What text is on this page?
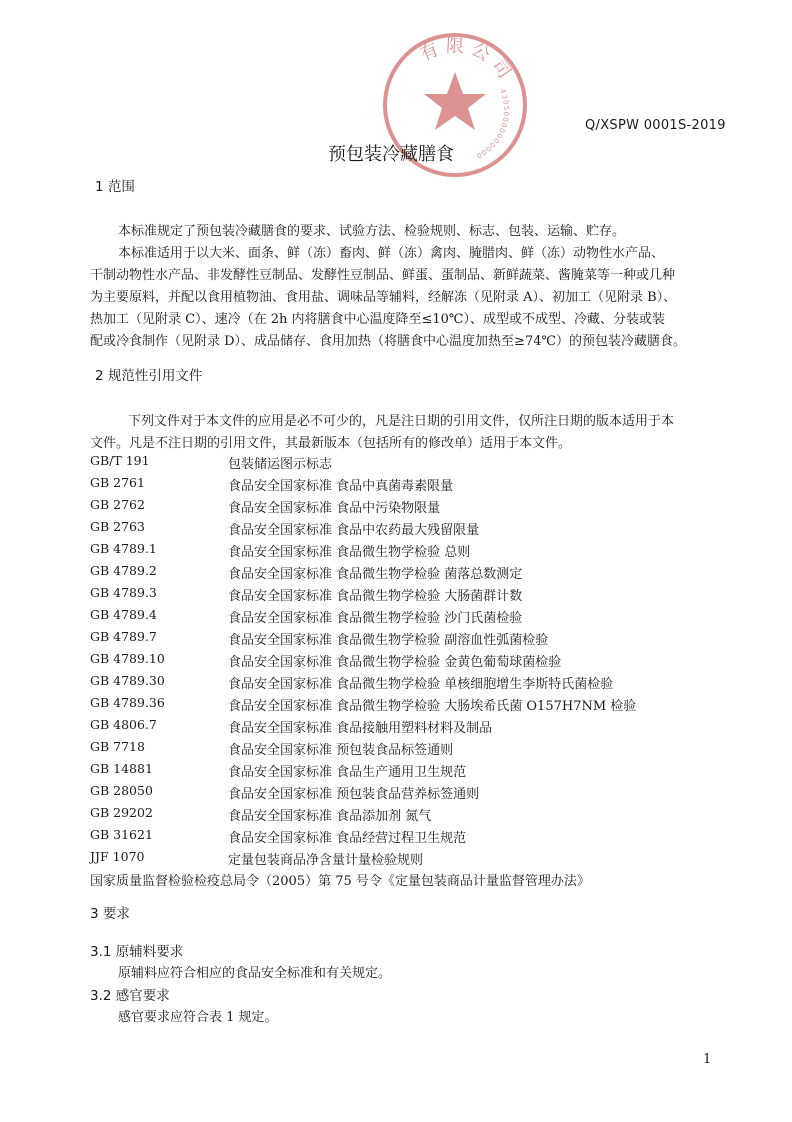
有限公司
43050000000000
Q/XSPW 0001S-2019
预包装冷藏膳食
1 范围
本标准规定了预包装冷藏膳食的要求、试验方法、检验规则、标志、包装、运输、贮存。
本标准适用于以大米、面条、鲜（冻）畜肉、鲜（冻）禽肉、腌腊肉、鲜（冻）动物性水产品、
干制动物性水产品、非发酵性豆制品、发酵性豆制品、鲜蛋、蛋制品、新鲜蔬菜、酱腌菜等一种或几种
为主要原料，并配以食用植物油、食用盐、调味品等辅料，经解冻（见附录 A）、初加工（见附录 B）、
热加工（见附录 C）、速冷（在 2h 内将膳食中心温度降至≤10℃）、成型或不成型、冷藏、分装或装
配或冷食制作（见附录 D）、成品储存、食用加热（将膳食中心温度加热至≥74℃）的预包装冷藏膳食。
2 规范性引用文件
下列文件对于本文件的应用是必不可少的，凡是注日期的引用文件，仅所注日期的版本适用于本
文件。凡是不注日期的引用文件，其最新版本（包括所有的修改单）适用于本文件。
GB/T 191	包装储运图示标志
GB 2761	食品安全国家标准 食品中真菌毒素限量
GB 2762	食品安全国家标准 食品中污染物限量
GB 2763	食品安全国家标准 食品中农药最大残留限量
GB 4789.1	食品安全国家标准 食品微生物学检验 总则
GB 4789.2	食品安全国家标准 食品微生物学检验 菌落总数测定
GB 4789.3	食品安全国家标准 食品微生物学检验 大肠菌群计数
GB 4789.4	食品安全国家标准 食品微生物学检验 沙门氏菌检验
GB 4789.7	食品安全国家标准 食品微生物学检验 副溶血性弧菌检验
GB 4789.10	食品安全国家标准 食品微生物学检验 金黄色葡萄球菌检验
GB 4789.30	食品安全国家标准 食品微生物学检验 单核细胞增生李斯特氏菌检验
GB 4789.36	食品安全国家标准 食品微生物学检验 大肠埃希氏菌 O157H7NM 检验
GB 4806.7	食品安全国家标准 食品接触用塑料材料及制品
GB 7718	食品安全国家标准 预包装食品标签通则
GB 14881	食品安全国家标准 食品生产通用卫生规范
GB 28050	食品安全国家标准 预包装食品营养标签通则
GB 29202	食品安全国家标准 食品添加剂 氮气
GB 31621	食品安全国家标准 食品经营过程卫生规范
JJF 1070	定量包装商品净含量计量检验规则
国家质量监督检验检疫总局令（2005）第 75 号令《定量包装商品计量监督管理办法》
3 要求
3.1 原辅料要求
原辅料应符合相应的食品安全标准和有关规定。
3.2 感官要求
感官要求应符合表 1 规定。
1
